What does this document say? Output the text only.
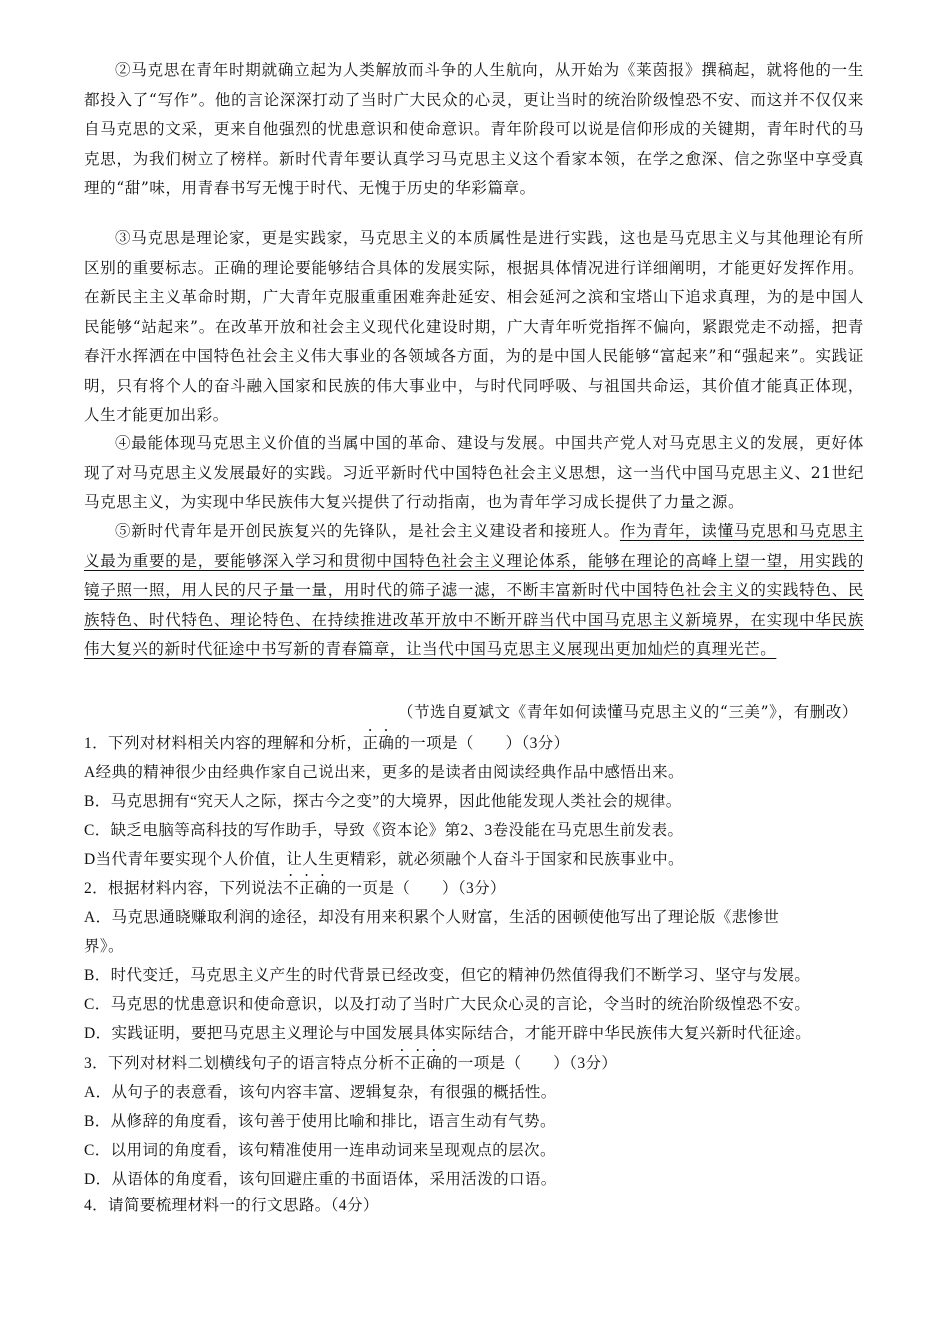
②马克思在青年时期就确立起为人类解放而斗争的人生航向，从开始为《莱茵报》撰稿起，就将他的一生都投入了“写作”。他的言论深深打动了当时广大民众的心灵，更让当时的统治阶级惶恐不安、而这并不仅仅来自马克思的文采，更来自他强烈的忧患意识和使命意识。青年阶段可以说是信仰形成的关键期，青年时代的马克思，为我们树立了榜样。新时代青年要认真学习马克思主义这个看家本领，在学之愈深、信之弥坚中享受真理的“甜”味，用青春书写无愧于时代、无愧于历史的华彩篇章。

③马克思是理论家，更是实践家，马克思主义的本质属性是进行实践，这也是马克思主义与其他理论有所区别的重要标志。正确的理论要能够结合具体的发展实际，根据具体情况进行详细阐明，才能更好发挥作用。在新民主主义革命时期，广大青年克服重重困难奔赴延安、相会延河之滨和宝塔山下追求真理，为的是中国人民能够“站起来”。在改革开放和社会主义现代化建设时期，广大青年听党指挥不偏向，紧跟党走不动摇，把青春汗水挥洒在中国特色社会主义伟大事业的各领域各方面，为的是中国人民能够“富起来”和“强起来”。实践证明，只有将个人的奋斗融入国家和民族的伟大事业中，与时代同呼吸、与祖国共命运，其价值才能真正体现，人生才能更加出彩。

④最能体现马克思主义价值的当属中国的革命、建设与发展。中国共产党人对马克思主义的发展，更好体现了对马克思主义发展最好的实践。习近平新时代中国特色社会主义思想，这一当代中国马克思主义、21世纪马克思主义，为实现中华民族伟大复兴提供了行动指南，也为青年学习成长提供了力量之源。

⑤新时代青年是开创民族复兴的先锋队，是社会主义建设者和接班人。作为青年，读懂马克思和马克思主义最为重要的是，要能够深入学习和贯彻中国特色社会主义理论体系，能够在理论的高峰上望一望，用实践的镜子照一照，用人民的尺子量一量，用时代的筛子滤一滤，不断丰富新时代中国特色社会主义的实践特色、民族特色、时代特色、理论特色、在持续推进改革开放中不断开辟当代中国马克思主义新境界，在实现中华民族伟大复兴的新时代征途中书写新的青春篇章，让当代中国马克思主义展现出更加灿烂的真理光芒。

（节选自夏斌文《青年如何读懂马克思主义的“三美”》，有删改）
1．下列对材料相关内容的理解和分析，正确的一项是（　　）（3分）
A经典的精神很少由经典作家自己说出来，更多的是读者由阅读经典作品中感悟出来。
B．马克思拥有“究天人之际，探古今之变”的大境界，因此他能发现人类社会的规律。
C．缺乏电脑等高科技的写作助手，导致《资本论》第2、3卷没能在马克思生前发表。
D当代青年要实现个人价值，让人生更精彩，就必须融个人奋斗于国家和民族事业中。
2．根据材料内容，下列说法不正确的一页是（　　）（3分）
A．马克思通晓赚取利润的途径，却没有用来积累个人财富，生活的困顿使他写出了理论版《悲惨世
界》。
B．时代变迁，马克思主义产生的时代背景已经改变，但它的精神仍然值得我们不断学习、坚守与发展。
C．马克思的忧患意识和使命意识，以及打动了当时广大民众心灵的言论，令当时的统治阶级惶恐不安。
D．实践证明，要把马克思主义理论与中国发展具体实际结合，才能开辟中华民族伟大复兴新时代征途。
3．下列对材料二划横线句子的语言特点分析不正确的一项是（　　）（3分）
A．从句子的表意看，该句内容丰富、逻辑复杂，有很强的概括性。
B．从修辞的角度看，该句善于使用比喻和排比，语言生动有气势。
C．以用词的角度看，该句精准使用一连串动词来呈现观点的层次。
D．从语体的角度看，该句回避庄重的书面语体，采用活泼的口语。
4．请简要梳理材料一的行文思路。（4分）
